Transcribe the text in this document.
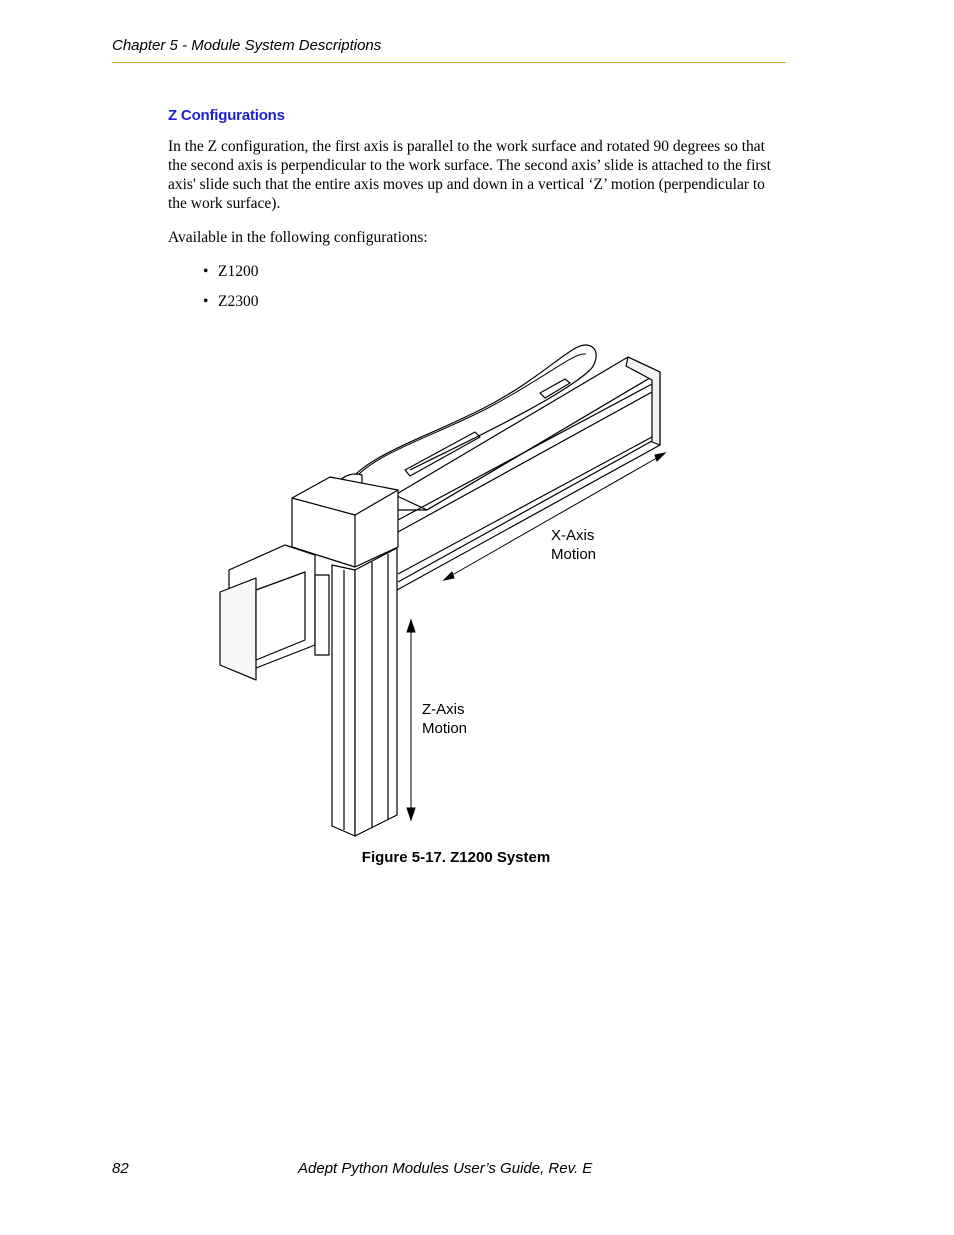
Chapter 5 - Module System Descriptions
Z Configurations
In the Z configuration, the first axis is parallel to the work surface and rotated 90 degrees so that the second axis is perpendicular to the work surface. The second axis’ slide is attached to the first axis' slide such that the entire axis moves up and down in a vertical ‘Z’ motion (perpendicular to the work surface).
Available in the following configurations:
• Z1200
• Z2300
X-Axis
Motion
Z-Axis
Motion
Figure 5-17. Z1200 System
82	Adept Python Modules User’s Guide, Rev. E
